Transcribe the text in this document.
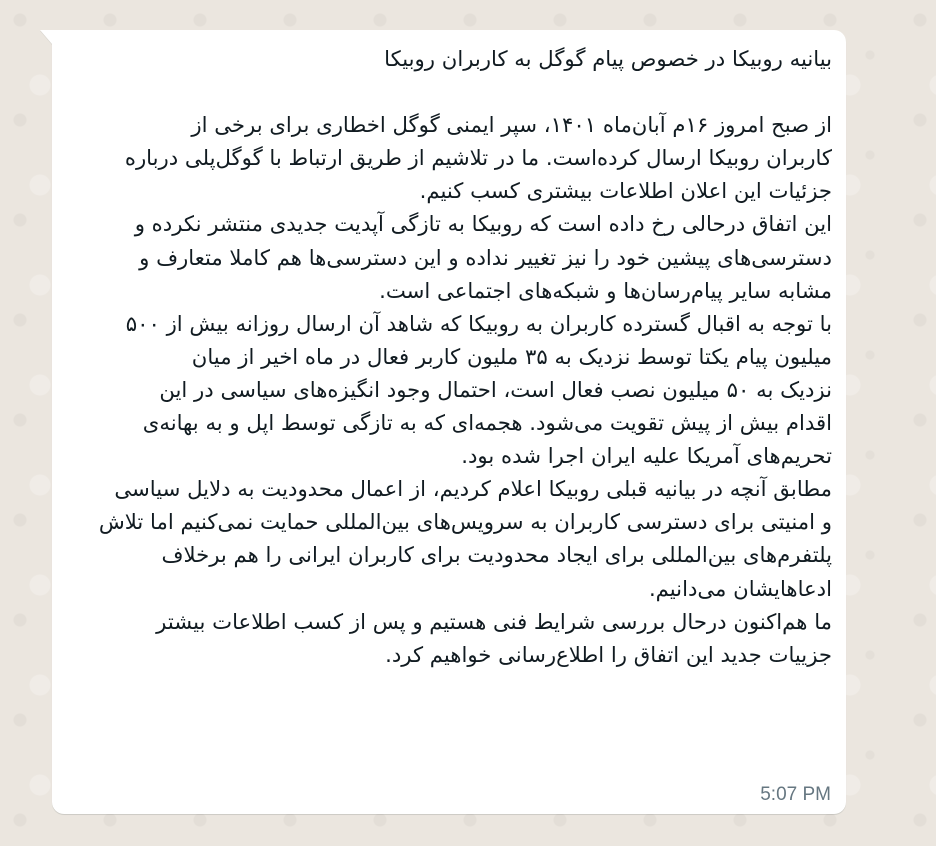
بیانیه روبیکا در خصوص پیام گوگل به کاربران روبیکا
از صبح امروز ۱۶م آبان‌ماه ۱۴۰۱، سپر ایمنی گوگل اخطاری برای برخی از
کاربران روبیکا ارسال کرده‌است. ما در تلاشیم از طریق ارتباط با گوگل‌پلی درباره
جزئیات این اعلان اطلاعات بیشتری کسب کنیم.
این اتفاق درحالی رخ داده است که روبیکا به تازگی آپدیت جدیدی منتشر نکرده و
دسترسی‌های پیشین خود را نیز تغییر نداده و این دسترسی‌ها هم کاملا متعارف و
مشابه سایر پیام‌رسان‌ها و شبکه‌های اجتماعی است.
با توجه به اقبال گسترده کاربران به روبیکا که شاهد آن ارسال روزانه بیش از ۵۰۰
میلیون پیام یکتا توسط نزدیک به ۳۵ ملیون کاربر فعال در ماه اخیر از میان
نزدیک به ۵۰ میلیون نصب فعال است، احتمال وجود انگیزه‌های سیاسی در این
اقدام بیش از پیش تقویت می‌شود. هجمه‌ای که به تازگی توسط اپل و به بهانه‌ی
تحریم‌های آمریکا علیه ایران اجرا شده بود.
مطابق آنچه در بیانیه قبلی روبیکا اعلام کردیم، از اعمال محدودیت به دلایل سیاسی
و امنیتی برای دسترسی کاربران به سرویس‌های بین‌المللی حمایت نمی‌کنیم اما تلاش
پلتفرم‌های بین‌المللی برای ایجاد محدودیت برای کاربران ایرانی را هم برخلاف
ادعاهایشان می‌دانیم.
ما هم‌اکنون درحال بررسی شرایط فنی هستیم و پس از کسب اطلاعات بیشتر
جزییات جدید این اتفاق را اطلاع‌رسانی خواهیم کرد.
5:07 PM
